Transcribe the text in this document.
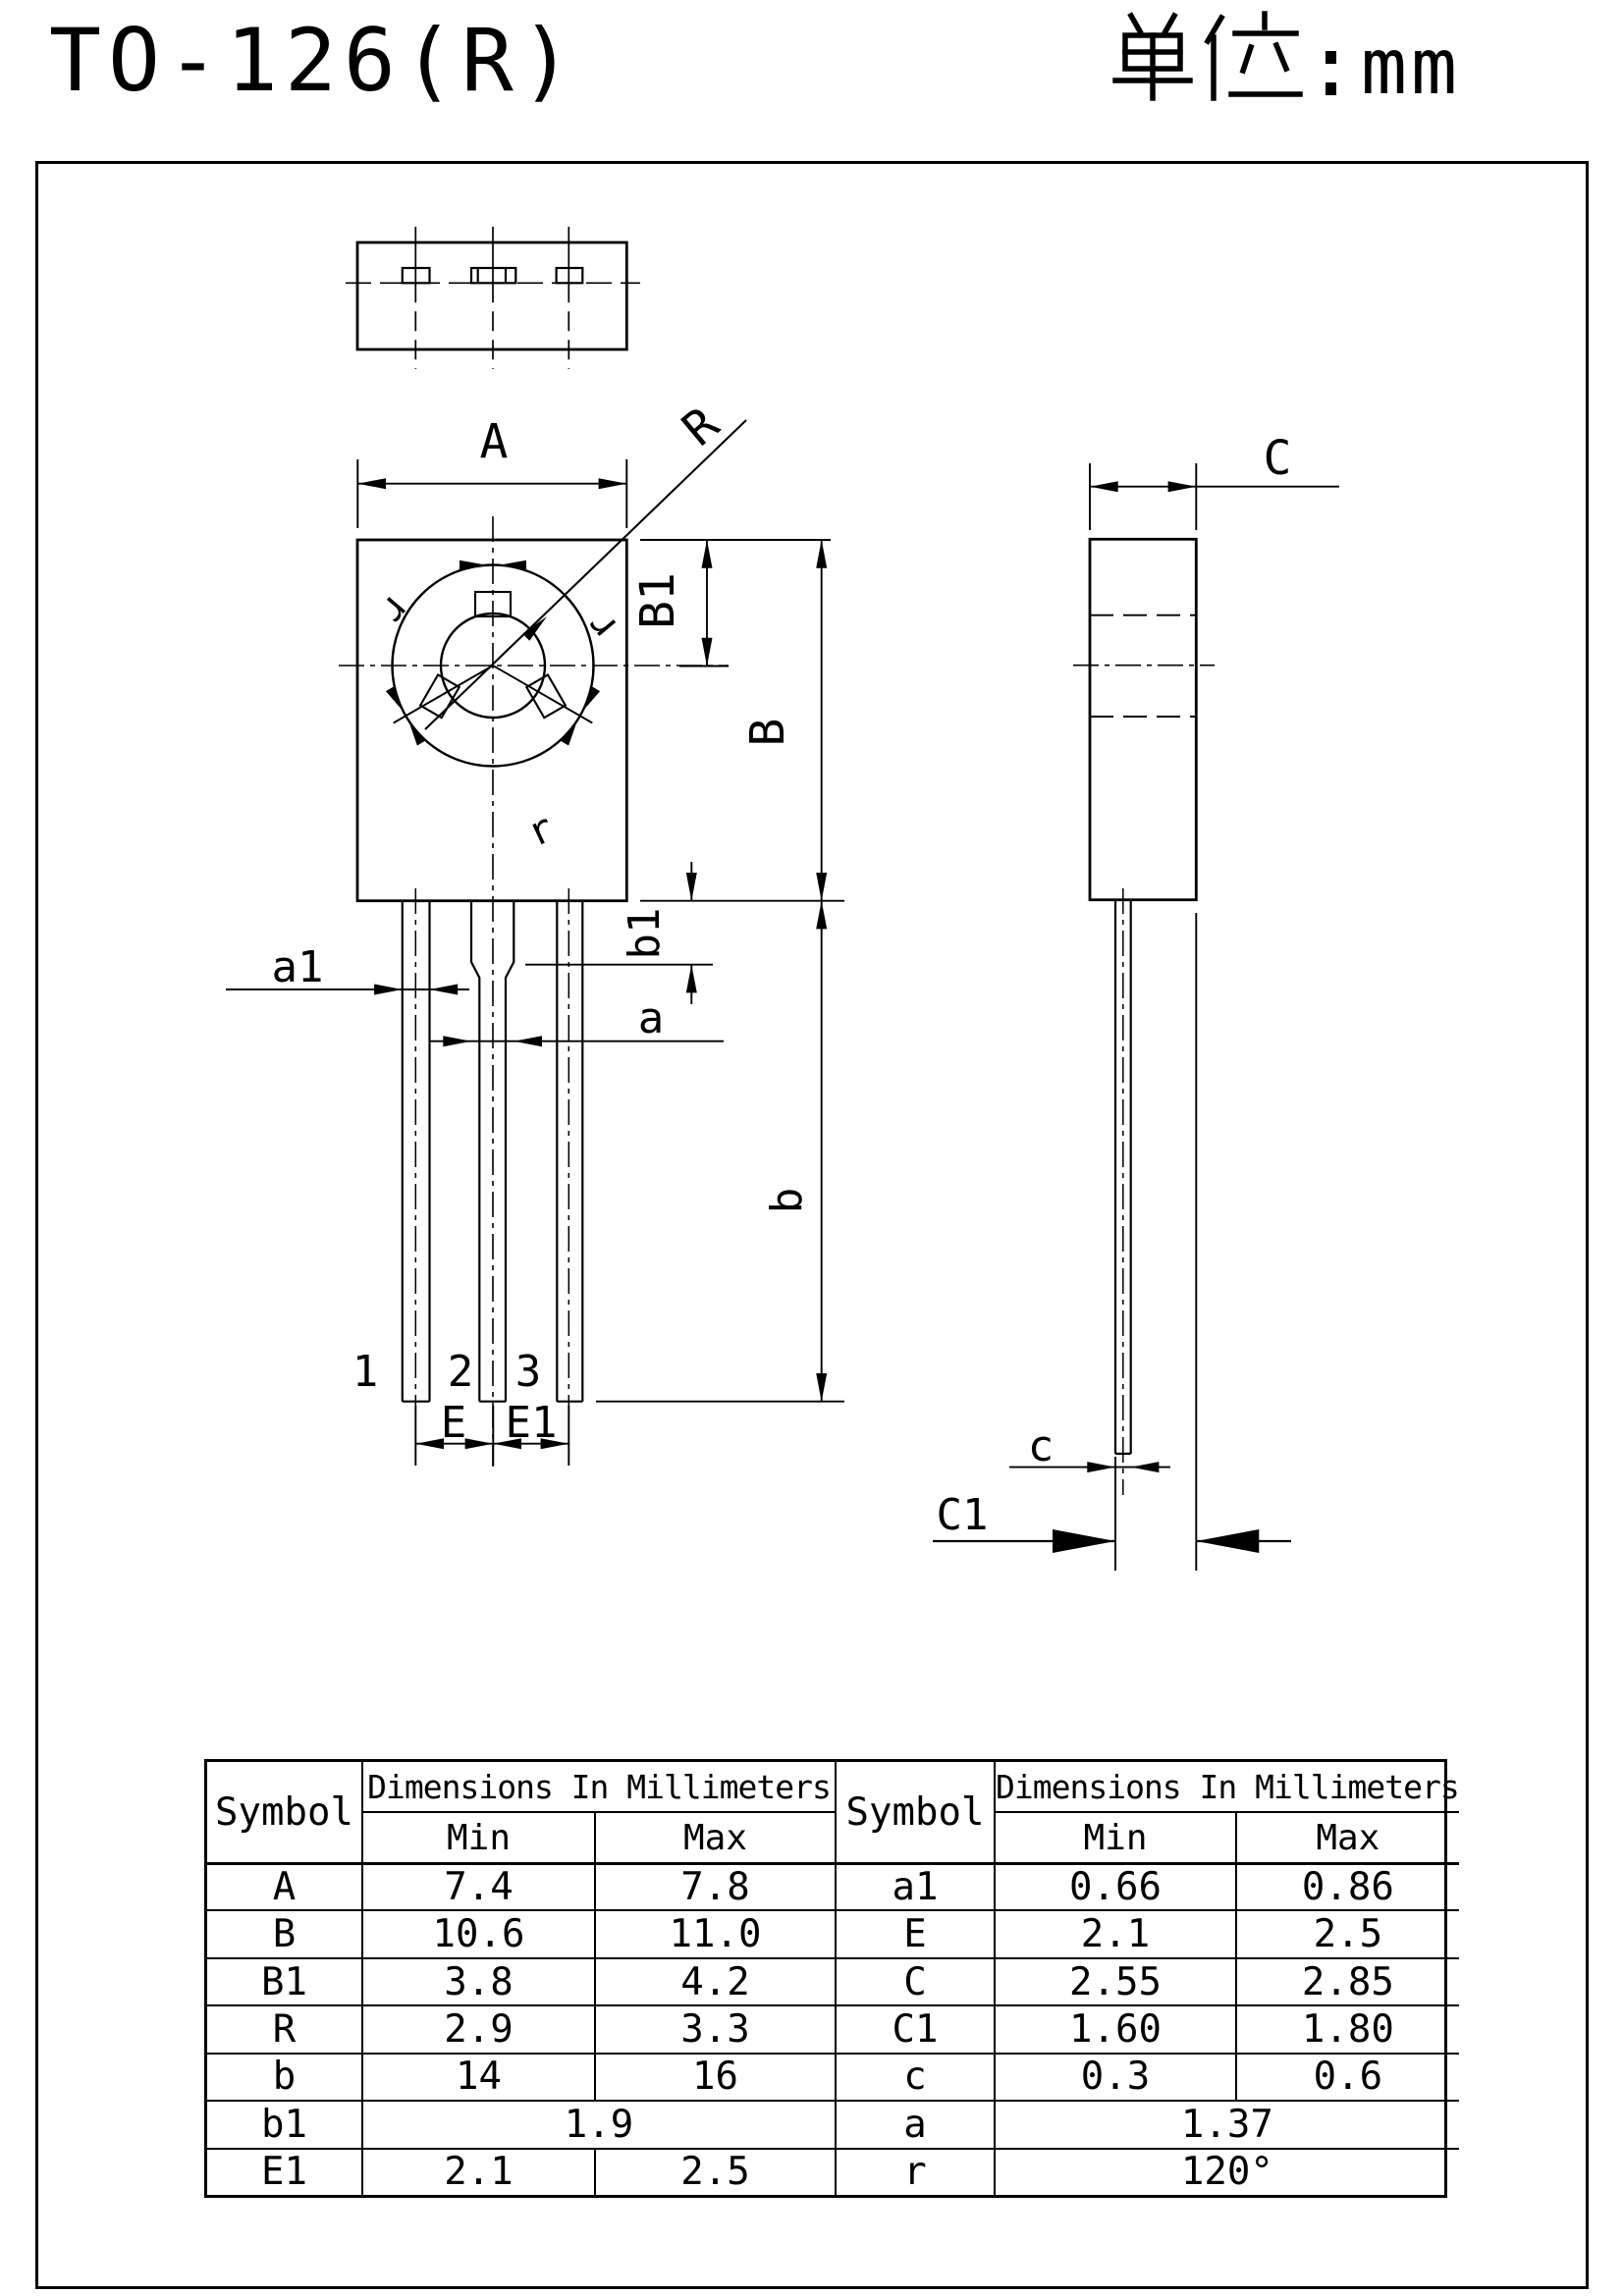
TO-126(R)	mm
A	R
B1
B
b1
b
a1
a
E E1
C
C1
c
r	r
r
1 2 3
Symbol
Dimensions In Millimeters
Symbol
Dimensions In Millimeters
Min	Max	Min	Max
A	7.4	7.8	a1	0.66	0.86
B	10.6	11.0	E	2.1	2.5
B1	3.8	4.2	C	2.55	2.85
R	2.9	3.3	C1	1.60	1.80
b	14	16	c	0.3	0.6
b1	1.9	a	1.37
E1	2.1	2.5	r	120°
